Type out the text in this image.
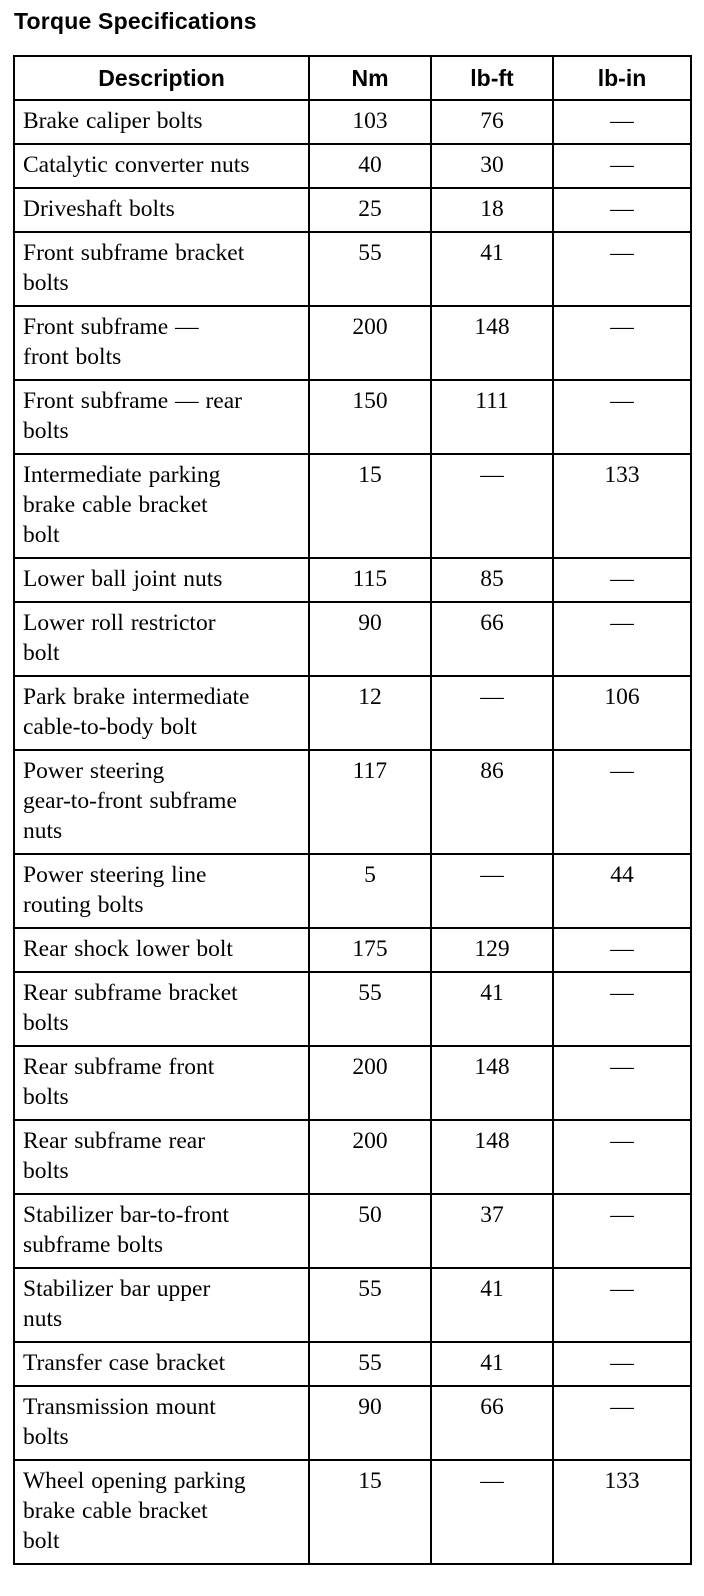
Torque Specifications
Description	Nm	lb-ft	lb-in

Brake caliper bolts	103	76	—

Catalytic converter nuts	40	30	—

Driveshaft bolts	25	18	—

Front subframe bracket
bolts	55	41	—

Front subframe —
front bolts	200	148	—

Front subframe — rear
bolts	150	111	—

Intermediate parking
brake cable bracket
bolt	15	—	133

Lower ball joint nuts	115	85	—

Lower roll restrictor
bolt	90	66	—

Park brake intermediate
cable-to-body bolt	12	—	106

Power steering
gear-to-front subframe
nuts	117	86	—

Power steering line
routing bolts	5	—	44

Rear shock lower bolt	175	129	—

Rear subframe bracket
bolts	55	41	—

Rear subframe front
bolts	200	148	—

Rear subframe rear
bolts	200	148	—

Stabilizer bar-to-front
subframe bolts	50	37	—

Stabilizer bar upper
nuts	55	41	—

Transfer case bracket	55	41	—

Transmission mount
bolts	90	66	—

Wheel opening parking
brake cable bracket
bolt	15	—	133
